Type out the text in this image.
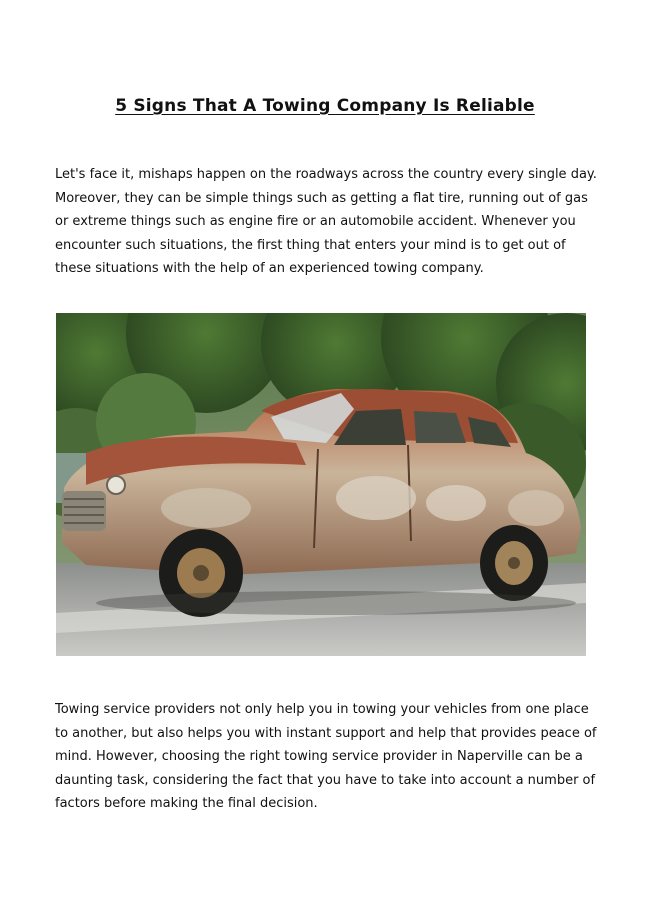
5 Signs That A Towing Company Is Reliable

Let's face it, mishaps happen on the roadways across the country every single day. Moreover, they can be simple things such as getting a flat tire, running out of gas or extreme things such as engine fire or an automobile accident. Whenever you encounter such situations, the first thing that enters your mind is to get out of these situations with the help of an experienced towing company.

Towing service providers not only help you in towing your vehicles from one place to another, but also helps you with instant support and help that provides peace of mind. However, choosing the right towing service provider in Naperville can be a daunting task, considering the fact that you have to take into account a number of factors before making the final decision.
